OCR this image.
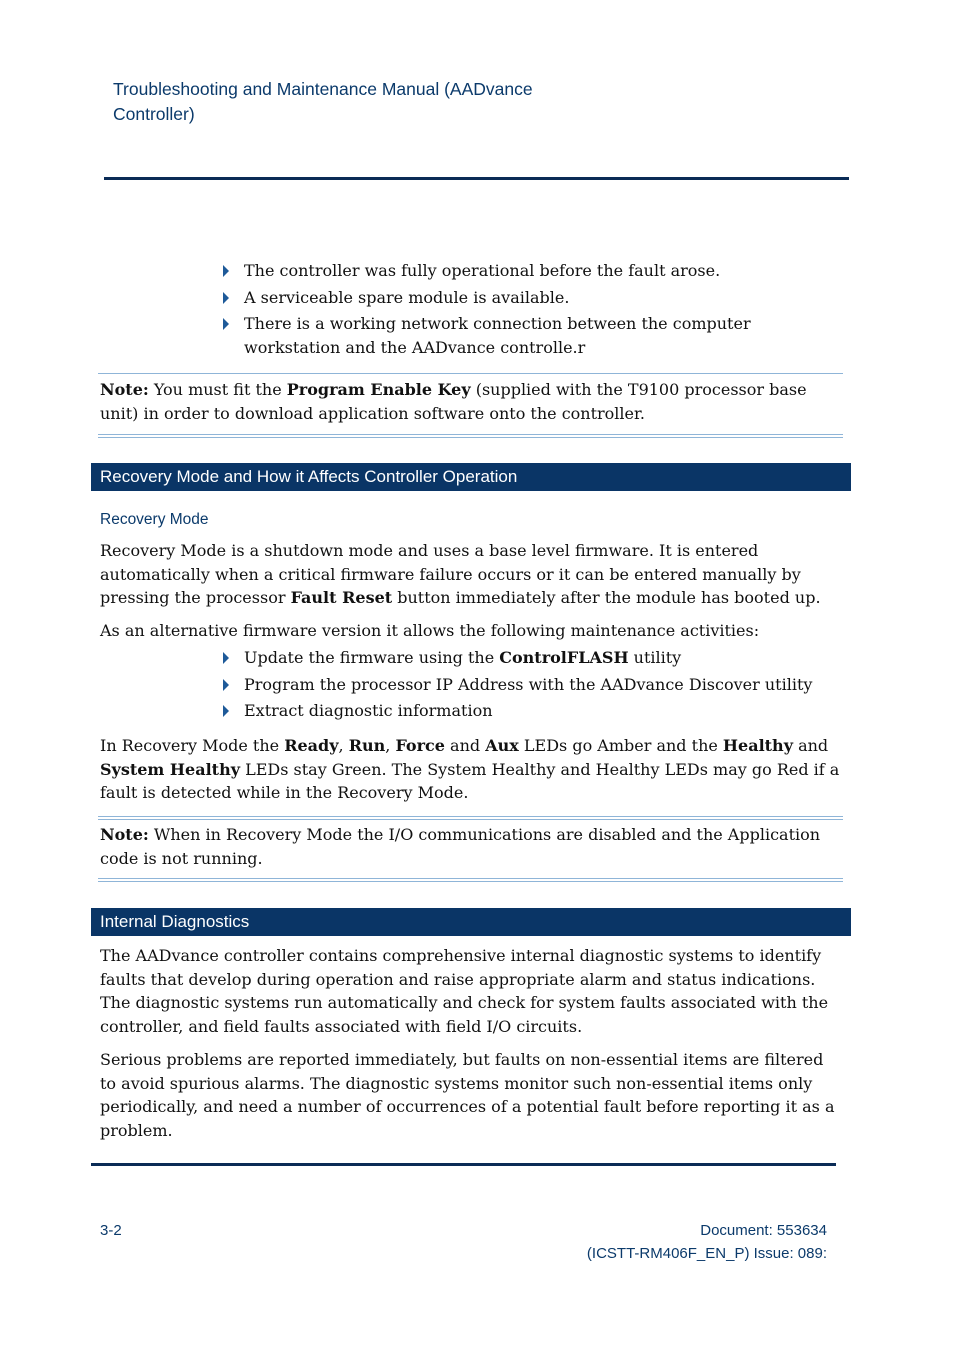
Troubleshooting and Maintenance Manual (AADvance
Controller)
The controller was fully operational before the fault arose.
A serviceable spare module is available.
There is a working network connection between the computer workstation and the AADvance controlle.r
Note: You must fit the Program Enable Key (supplied with the T9100 processor base unit) in order to download application software onto the controller.
Recovery Mode and How it Affects Controller Operation
Recovery Mode

Recovery Mode is a shutdown mode and uses a base level firmware. It is entered automatically when a critical firmware failure occurs or it can be entered manually by pressing the processor Fault Reset button immediately after the module has booted up.

As an alternative firmware version it allows the following maintenance activities:

Update the firmware using the ControlFLASH utility
Program the processor IP Address with the AADvance Discover utility
Extract diagnostic information

In Recovery Mode the Ready, Run, Force and Aux LEDs go Amber and the Healthy and System Healthy LEDs stay Green. The System Healthy and Healthy LEDs may go Red if a fault is detected while in the Recovery Mode.

Note: When in Recovery Mode the I/O communications are disabled and the Application code is not running.
Internal Diagnostics

The AADvance controller contains comprehensive internal diagnostic systems to identify faults that develop during operation and raise appropriate alarm and status indications. The diagnostic systems run automatically and check for system faults associated with the controller, and field faults associated with field I/O circuits.

Serious problems are reported immediately, but faults on non-essential items are filtered to avoid spurious alarms. The diagnostic systems monitor such non-essential items only periodically, and need a number of occurrences of a potential fault before reporting it as a problem.

3-2	Document: 553634
(ICSTT-RM406F_EN_P) Issue: 089:
